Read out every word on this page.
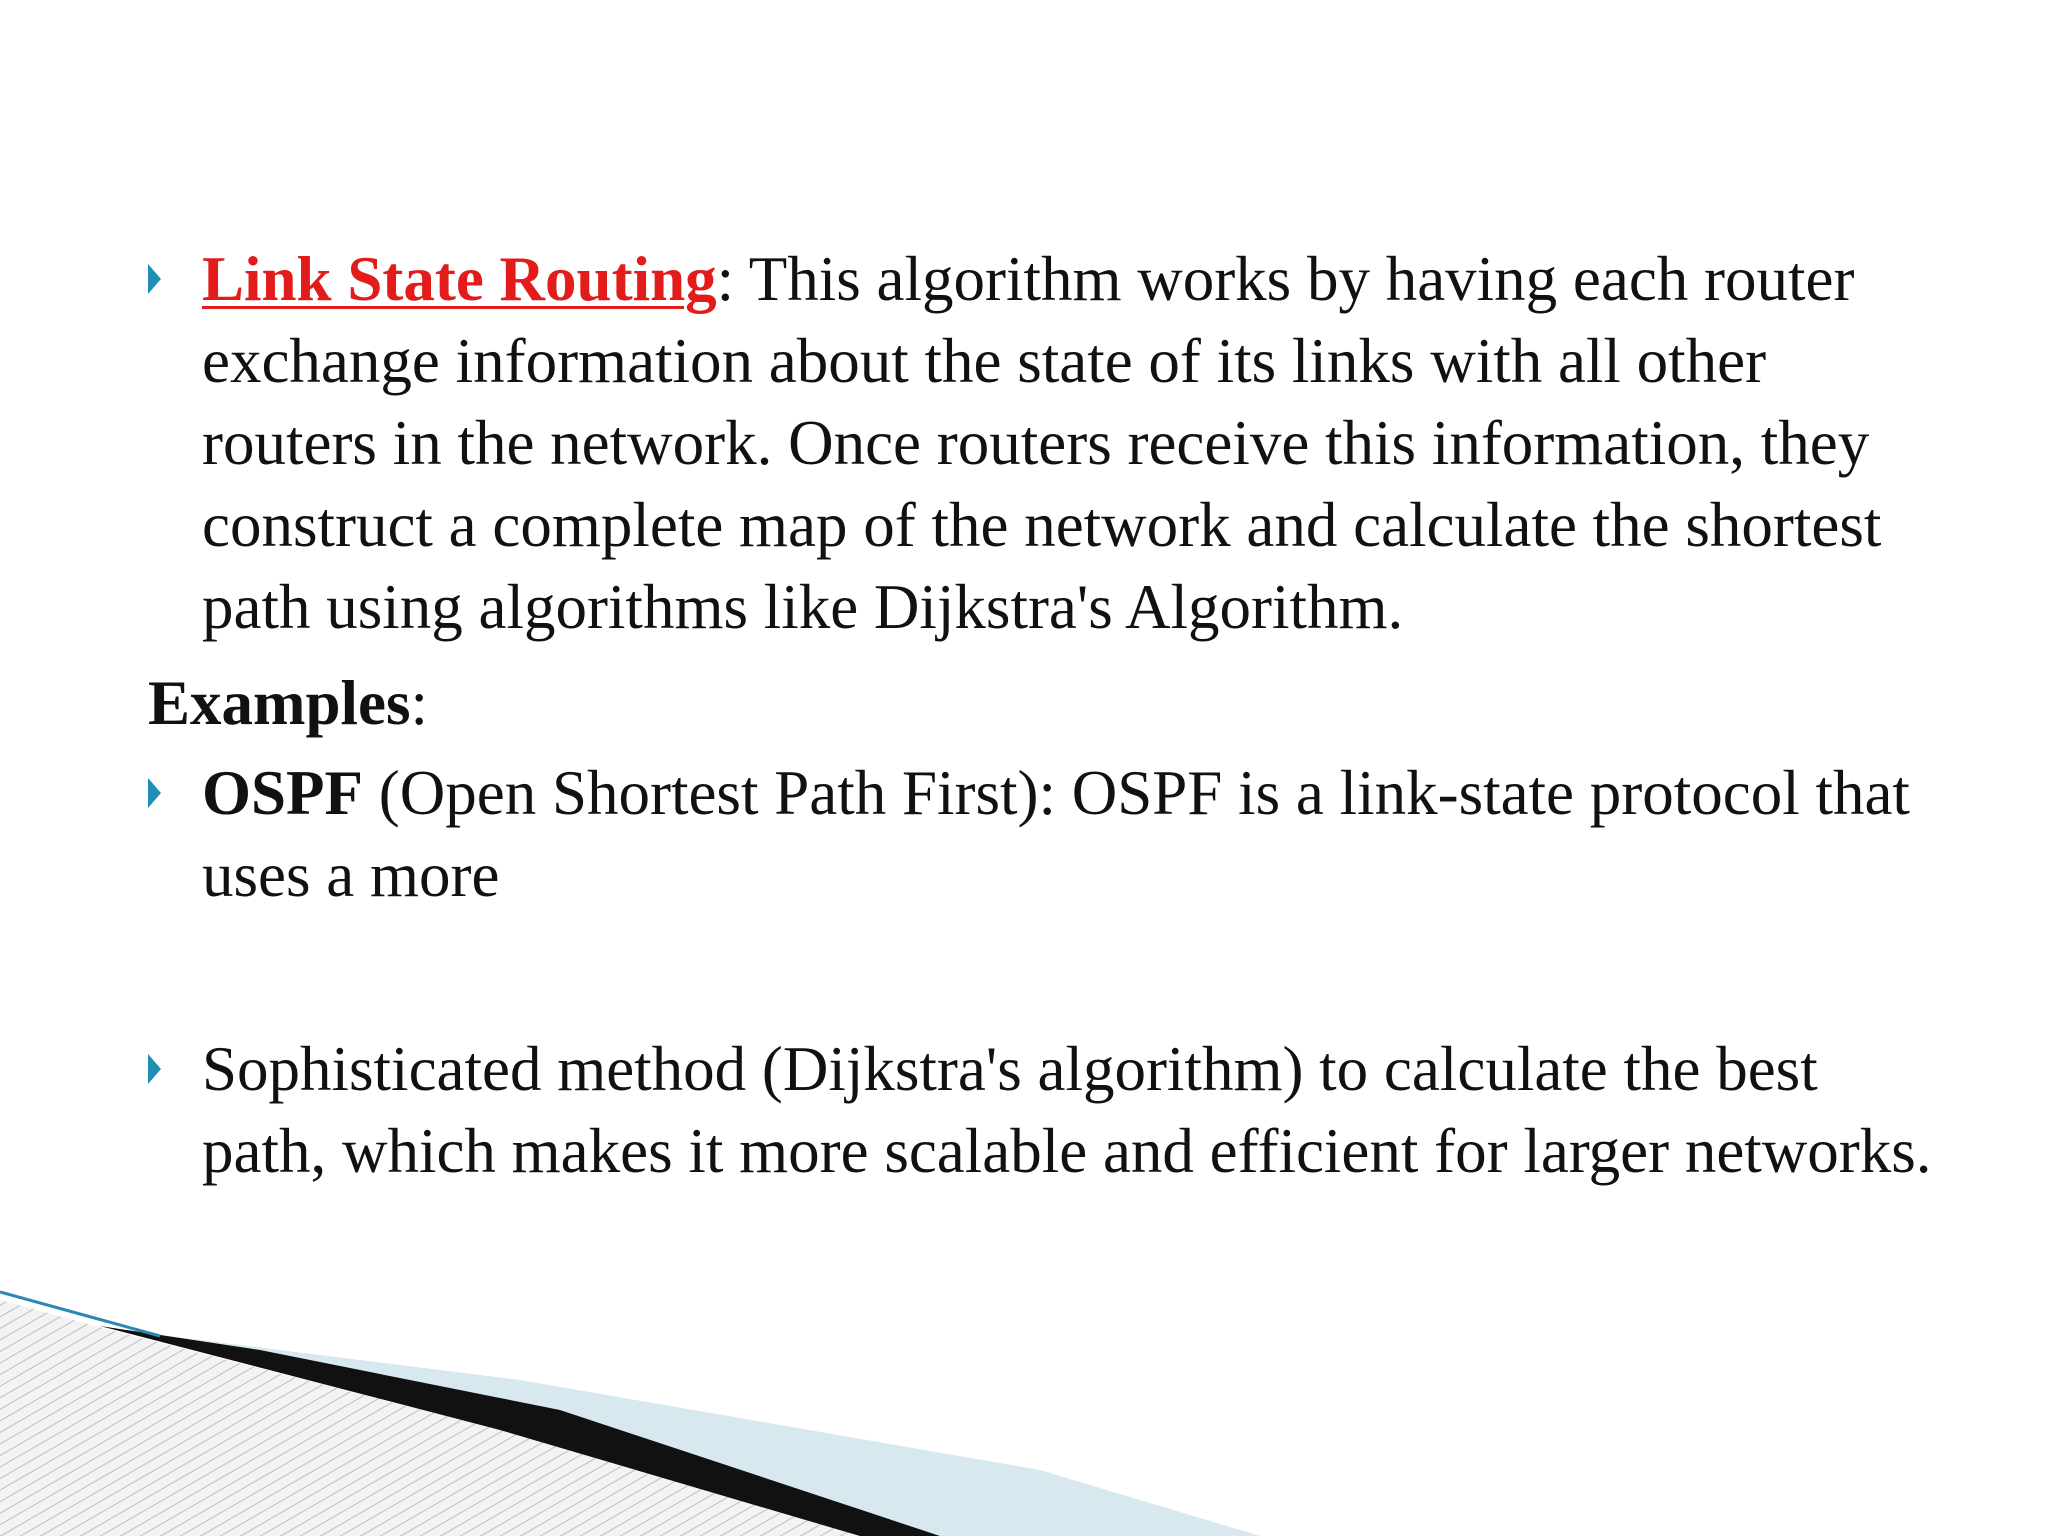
Link State Routing: This algorithm works by having each router exchange information about the state of its links with all other routers in the network. Once routers receive this information, they construct a complete map of the network and calculate the shortest path using algorithms like Dijkstra's Algorithm.
Examples:
OSPF (Open Shortest Path First): OSPF is a link-state protocol that uses a more
Sophisticated method (Dijkstra's algorithm) to calculate the best path, which makes it more scalable and efficient for larger networks.
